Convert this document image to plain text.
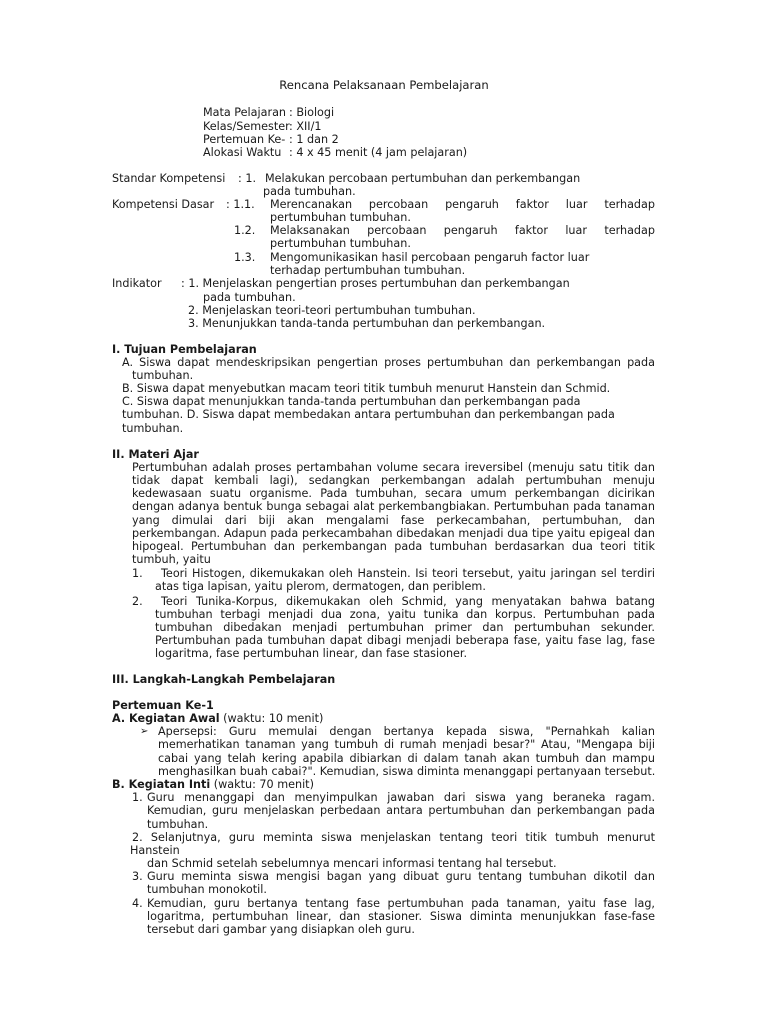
Rencana Pelaksanaan Pembelajaran
Mata Pelajaran : Biologi
Kelas/Semester: XII/1
Pertemuan Ke- : 1 dan 2
Alokasi Waktu : 4 x 45 menit (4 jam pelajaran)
Standar Kompetensi : 1. Melakukan percobaan pertumbuhan dan perkembangan
pada tumbuhan.
Kompetensi Dasar : 1.1. Merencanakan percobaan pengaruh faktor luar terhadap
pertumbuhan tumbuhan.
1.2. Melaksanakan percobaan pengaruh faktor luar terhadap
pertumbuhan tumbuhan.
1.3. Mengomunikasikan hasil percobaan pengaruh factor luar
terhadap pertumbuhan tumbuhan.
Indikator : 1. Menjelaskan pengertian proses pertumbuhan dan perkembangan
pada tumbuhan.
2. Menjelaskan teori-teori pertumbuhan tumbuhan.
3. Menunjukkan tanda-tanda pertumbuhan dan perkembangan.
I. Tujuan Pembelajaran
A. Siswa dapat mendeskripsikan pengertian proses pertumbuhan dan perkembangan pada
tumbuhan.
B. Siswa dapat menyebutkan macam teori titik tumbuh menurut Hanstein dan Schmid.
C. Siswa dapat menunjukkan tanda-tanda pertumbuhan dan perkembangan pada
tumbuhan. D. Siswa dapat membedakan antara pertumbuhan dan perkembangan pada
tumbuhan.
II. Materi Ajar
Pertumbuhan adalah proses pertambahan volume secara ireversibel (menuju satu titik dan
tidak dapat kembali lagi), sedangkan perkembangan adalah pertumbuhan menuju
kedewasaan suatu organisme. Pada tumbuhan, secara umum perkembangan dicirikan
dengan adanya bentuk bunga sebagai alat perkembangbiakan. Pertumbuhan pada tanaman
yang dimulai dari biji akan mengalami fase perkecambahan, pertumbuhan, dan
perkembangan. Adapun pada perkecambahan dibedakan menjadi dua tipe yaitu epigeal dan
hipogeal. Pertumbuhan dan perkembangan pada tumbuhan berdasarkan dua teori titik
tumbuh, yaitu
1. Teori Histogen, dikemukakan oleh Hanstein. Isi teori tersebut, yaitu jaringan sel terdiri
atas tiga lapisan, yaitu plerom, dermatogen, dan periblem.
2. Teori Tunika-Korpus, dikemukakan oleh Schmid, yang menyatakan bahwa batang
tumbuhan terbagi menjadi dua zona, yaitu tunika dan korpus. Pertumbuhan pada
tumbuhan dibedakan menjadi pertumbuhan primer dan pertumbuhan sekunder.
Pertumbuhan pada tumbuhan dapat dibagi menjadi beberapa fase, yaitu fase lag, fase
logaritma, fase pertumbuhan linear, dan fase stasioner.
III. Langkah-Langkah Pembelajaran
Pertemuan Ke-1
A. Kegiatan Awal (waktu: 10 menit)
➢ Apersepsi: Guru memulai dengan bertanya kepada siswa, "Pernahkah kalian
memerhatikan tanaman yang tumbuh di rumah menjadi besar?" Atau, "Mengapa biji
cabai yang telah kering apabila dibiarkan di dalam tanah akan tumbuh dan mampu
menghasilkan buah cabai?". Kemudian, siswa diminta menanggapi pertanyaan tersebut.
B. Kegiatan Inti (waktu: 70 menit)
1. Guru menanggapi dan menyimpulkan jawaban dari siswa yang beraneka ragam.
Kemudian, guru menjelaskan perbedaan antara pertumbuhan dan perkembangan pada
tumbuhan.
2. Selanjutnya, guru meminta siswa menjelaskan tentang teori titik tumbuh menurut
Hanstein
dan Schmid setelah sebelumnya mencari informasi tentang hal tersebut.
3. Guru meminta siswa mengisi bagan yang dibuat guru tentang tumbuhan dikotil dan
tumbuhan monokotil.
4. Kemudian, guru bertanya tentang fase pertumbuhan pada tanaman, yaitu fase lag,
logaritma, pertumbuhan linear, dan stasioner. Siswa diminta menunjukkan fase-fase
tersebut dari gambar yang disiapkan oleh guru.
